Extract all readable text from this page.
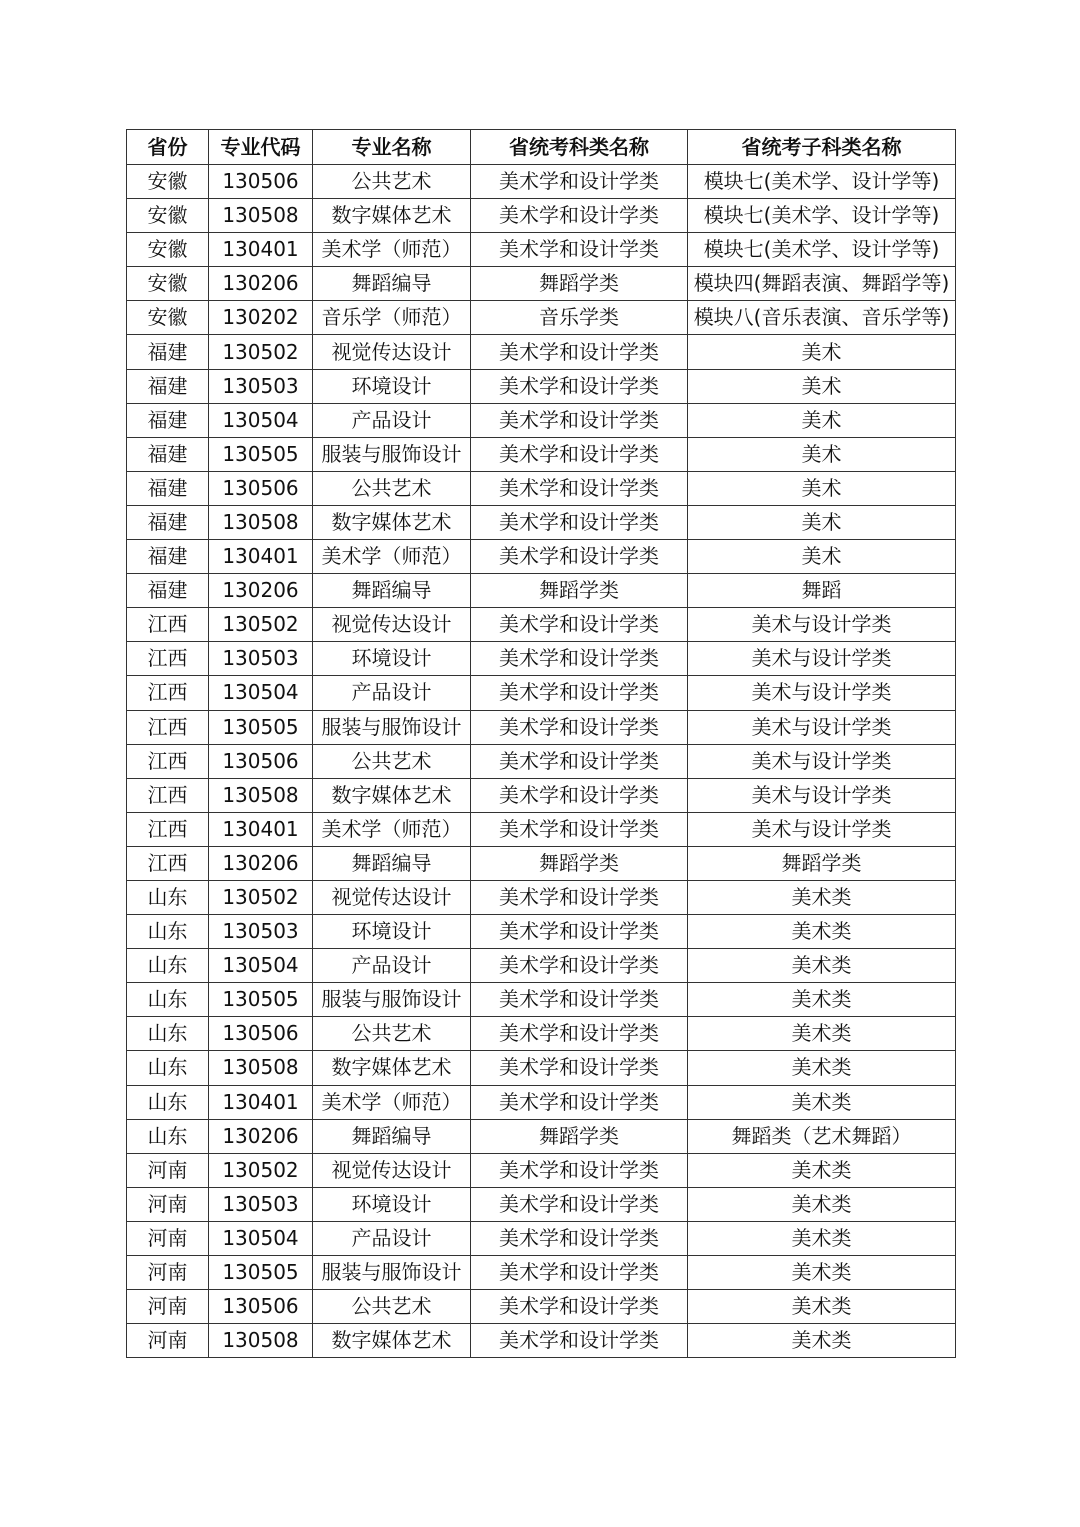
省份	专业代码	专业名称	省统考科类名称	省统考子科类名称
安徽	130506	公共艺术	美术学和设计学类	模块七(美术学、设计学等)
安徽	130508	数字媒体艺术	美术学和设计学类	模块七(美术学、设计学等)
安徽	130401	美术学（师范）	美术学和设计学类	模块七(美术学、设计学等)
安徽	130206	舞蹈编导	舞蹈学类	模块四(舞蹈表演、舞蹈学等)
安徽	130202	音乐学（师范）	音乐学类	模块八(音乐表演、音乐学等)
福建	130502	视觉传达设计	美术学和设计学类	美术
福建	130503	环境设计	美术学和设计学类	美术
福建	130504	产品设计	美术学和设计学类	美术
福建	130505	服装与服饰设计	美术学和设计学类	美术
福建	130506	公共艺术	美术学和设计学类	美术
福建	130508	数字媒体艺术	美术学和设计学类	美术
福建	130401	美术学（师范）	美术学和设计学类	美术
福建	130206	舞蹈编导	舞蹈学类	舞蹈
江西	130502	视觉传达设计	美术学和设计学类	美术与设计学类
江西	130503	环境设计	美术学和设计学类	美术与设计学类
江西	130504	产品设计	美术学和设计学类	美术与设计学类
江西	130505	服装与服饰设计	美术学和设计学类	美术与设计学类
江西	130506	公共艺术	美术学和设计学类	美术与设计学类
江西	130508	数字媒体艺术	美术学和设计学类	美术与设计学类
江西	130401	美术学（师范）	美术学和设计学类	美术与设计学类
江西	130206	舞蹈编导	舞蹈学类	舞蹈学类
山东	130502	视觉传达设计	美术学和设计学类	美术类
山东	130503	环境设计	美术学和设计学类	美术类
山东	130504	产品设计	美术学和设计学类	美术类
山东	130505	服装与服饰设计	美术学和设计学类	美术类
山东	130506	公共艺术	美术学和设计学类	美术类
山东	130508	数字媒体艺术	美术学和设计学类	美术类
山东	130401	美术学（师范）	美术学和设计学类	美术类
山东	130206	舞蹈编导	舞蹈学类	舞蹈类（艺术舞蹈）
河南	130502	视觉传达设计	美术学和设计学类	美术类
河南	130503	环境设计	美术学和设计学类	美术类
河南	130504	产品设计	美术学和设计学类	美术类
河南	130505	服装与服饰设计	美术学和设计学类	美术类
河南	130506	公共艺术	美术学和设计学类	美术类
河南	130508	数字媒体艺术	美术学和设计学类	美术类
